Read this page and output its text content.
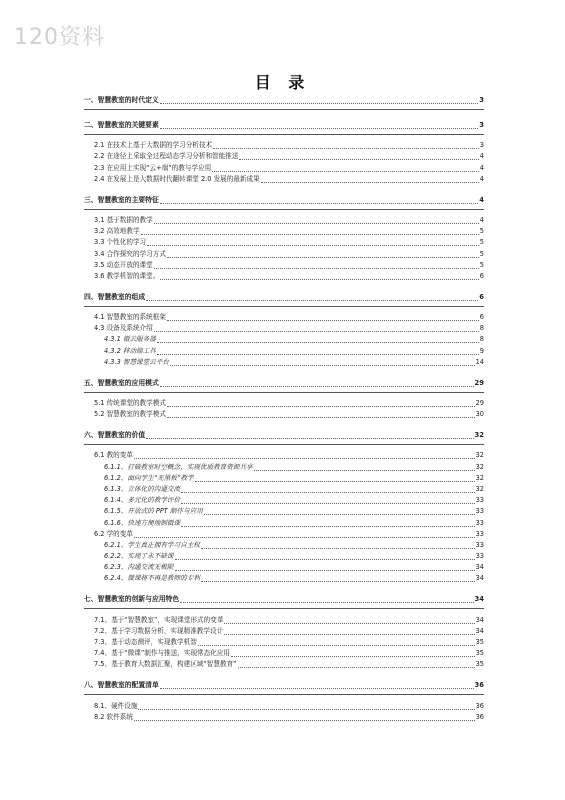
120资料
目 录
一、智慧教室的时代定义	3
二、智慧教室的关键要素	3
2.1 在技术上基于大数据的学习分析技术	3
2.2 在途径上采取全过程动态学习分析和智能推送	4
2.3 在应用上实现“云+端”的教与学应用	4
2.4 在发展上是大数据时代翻转课堂 2.0 发展的最新成果	4
三、智慧教室的主要特征	4
3.1 基于数据的教学	4
3.2 高效地教学	5
3.3 个性化的学习	5
3.4 合作探究的学习方式	5
3.5 动态开放的课堂	5
3.6 教学机智的课堂。	6
四、智慧教室的组成	6
4.1 智慧教室的系统框架	6
4.3 设备及系统介绍	8
4.3.1 微云服务器	8
4.3.2 移动端工具	9
4.3.3 智慧课堂云平台	14
五、智慧教室的应用模式	29
5.1 传统课堂的教学模式	29
5.2 智慧教室的教学模式	30
六、智慧教室的价值	32
6.1 教的变革	32
6.1.1、打破教室时空概念，实现优质教育资源共享	32
6.1.2、面向学生“无黑板”教学	32
6.1.3、立体化的沟通交流	32
6.1.4、多元化的教学评价	33
6.1.5、开放式的 PPT 制作与应用	33
6.1.6、快速方便地制微课	33
6.2 学的变革	33
6.2.1、学生真正拥有学习自主权	33
6.2.2、实现了永不缺课	33
6.2.3、沟通交流无极限	34
6.2.4、微课将不再是教师的专利	34
七、智慧教室的创新与应用特色	34
7.1、基于“智慧教室”，实现课堂形式的变革	34
7.2、基于学习数据分析，实现精准教学设计	34
7.3、基于动态测评，实现教学机智	35
7.4、基于“微课”制作与推送，实现常态化应用	35
7.5、基于教育大数据汇聚，构建区域“智慧教育”	35
八、智慧教室的配置清单	36
8.1、硬件设施	36
8.2 软件系统	36
